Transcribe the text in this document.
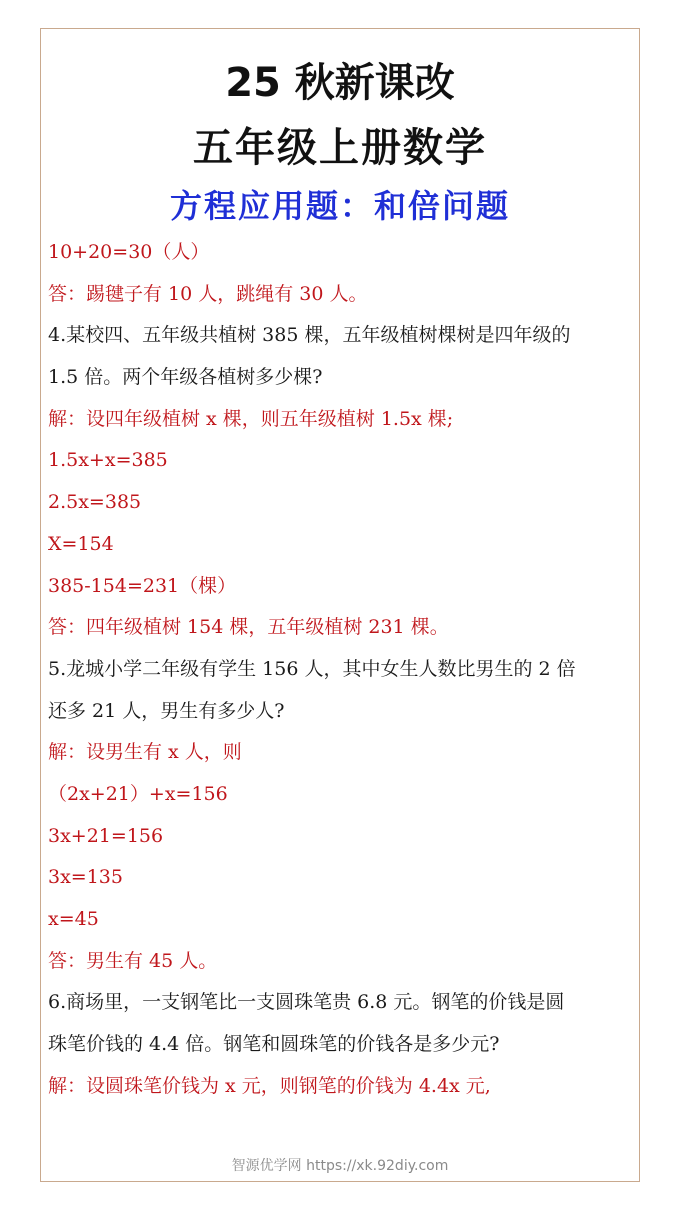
25 秋新课改
五年级上册数学
方程应用题：和倍问题
10+20=30（人）
答：踢毽子有 10 人，跳绳有 30 人。
4.某校四、五年级共植树 385 棵，五年级植树棵树是四年级的
1.5 倍。两个年级各植树多少棵?
解：设四年级植树 x 棵，则五年级植树 1.5x 棵;
1.5x+x=385
2.5x=385
X=154
385-154=231（棵）
答：四年级植树 154 棵，五年级植树 231 棵。
5.龙城小学二年级有学生 156 人，其中女生人数比男生的 2 倍
还多 21 人，男生有多少人?
解：设男生有 x 人，则
（2x+21）+x=156
3x+21=156
3x=135
x=45
答：男生有 45 人。
6.商场里，一支钢笔比一支圆珠笔贵 6.8 元。钢笔的价钱是圆
珠笔价钱的 4.4 倍。钢笔和圆珠笔的价钱各是多少元?
解：设圆珠笔价钱为 x 元，则钢笔的价钱为 4.4x 元,
智源优学网 https://xk.92diy.com
